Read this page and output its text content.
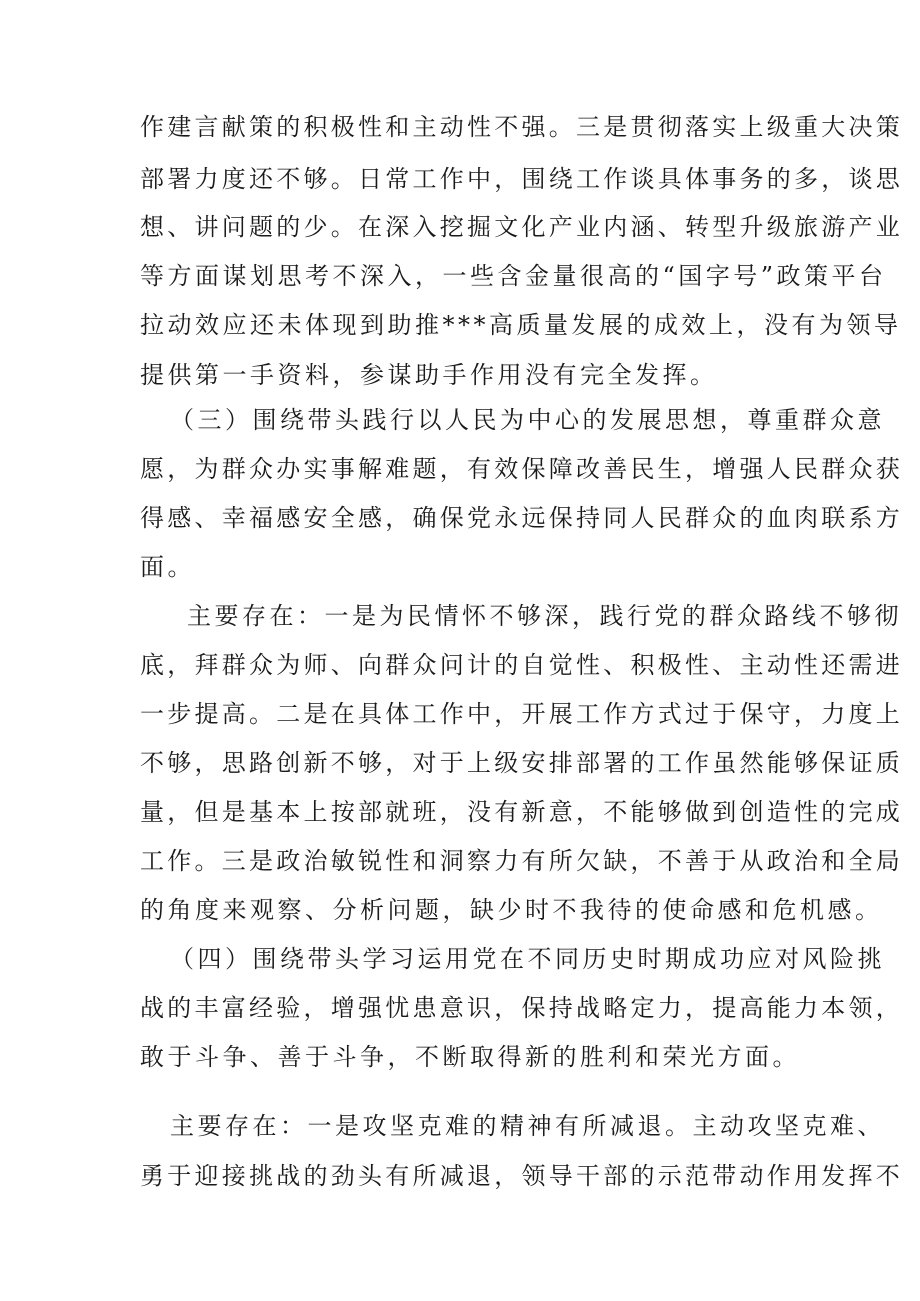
作建言献策的积极性和主动性不强。三是贯彻落实上级重大决策

部署力度还不够。日常工作中，围绕工作谈具体事务的多，谈思

想、讲问题的少。在深入挖掘文化产业内涵、转型升级旅游产业

等方面谋划思考不深入，一些含金量很高的“国字号”政策平台

拉动效应还未体现到助推***高质量发展的成效上，没有为领导

提供第一手资料，参谋助手作用没有完全发挥。

（三）围绕带头践行以人民为中心的发展思想，尊重群众意

愿，为群众办实事解难题，有效保障改善民生，增强人民群众获

得感、幸福感安全感，确保党永远保持同人民群众的血肉联系方

面。

主要存在：一是为民情怀不够深，践行党的群众路线不够彻

底，拜群众为师、向群众问计的自觉性、积极性、主动性还需进

一步提高。二是在具体工作中，开展工作方式过于保守，力度上

不够，思路创新不够，对于上级安排部署的工作虽然能够保证质

量，但是基本上按部就班，没有新意，不能够做到创造性的完成

工作。三是政治敏锐性和洞察力有所欠缺，不善于从政治和全局

的角度来观察、分析问题，缺少时不我待的使命感和危机感。

（四）围绕带头学习运用党在不同历史时期成功应对风险挑

战的丰富经验，增强忧患意识，保持战略定力，提高能力本领，

敢于斗争、善于斗争，不断取得新的胜利和荣光方面。

主要存在：一是攻坚克难的精神有所减退。主动攻坚克难、

勇于迎接挑战的劲头有所减退，领导干部的示范带动作用发挥不
